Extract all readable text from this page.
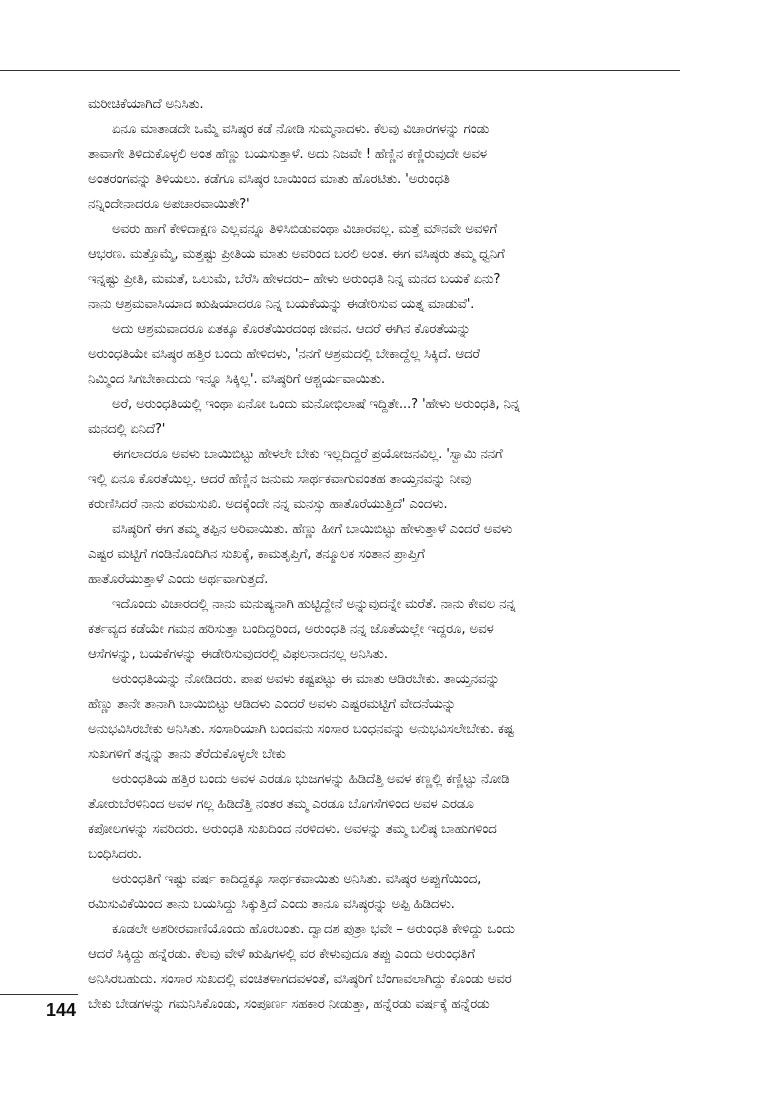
ಮರೀಚಿಕೆಯಾಗಿದೆ ಅನಿಸಿತು.
ಏನೂ ಮಾತಾಡದೇ ಒಮ್ಮೆ ವಸಿಷ್ಠರ ಕಡೆ ನೋಡಿ ಸುಮ್ಮನಾದಳು. ಕೆಲವು ವಿಚಾರಗಳನ್ನು ಗಂಡು
ತಾವಾಗೇ ತಿಳಿದುಕೊಳ್ಳಲಿ ಅಂತ ಹೆಣ್ಣು ಬಯಸುತ್ತಾಳೆ. ಅದು ನಿಜವೇ ! ಹೆಣ್ಣಿನ ಕಣ್ಣಿರುವುದೇ ಅವಳ
ಅಂತರಂಗವನ್ನು ತಿಳಿಯಲು. ಕಡೆಗೂ ವಸಿಷ್ಠರ ಬಾಯಿಂದ ಮಾತು ಹೊರಟಿತು. 'ಅರುಂಧತಿ
ನನ್ನಿಂದೇನಾದರೂ ಅಪಚಾರವಾಯಿತೇ?'
ಅವರು ಹಾಗೆ ಕೇಳಿದಾಕ್ಷಣ ಎಲ್ಲವನ್ನೂ ತಿಳಿಸಿಬಿಡುವಂಥಾ ವಿಚಾರವಲ್ಲ. ಮತ್ತೆ ಮೌನವೇ ಅವಳಿಗೆ
ಆಭರಣ. ಮತ್ತೊಮ್ಮೆ, ಮತ್ತಷ್ಟು ಪ್ರೀತಿಯ ಮಾತು ಅವರಿಂದ ಬರಲಿ ಅಂತ. ಈಗ ವಸಿಷ್ಠರು ತಮ್ಮ ಧ್ವನಿಗೆ
ಇನ್ನಷ್ಟು ಪ್ರೀತಿ, ಮಮತೆ, ಒಲುಮೆ, ಬೆರೆಸಿ ಹೇಳದರು– ಹೇಳು ಅರುಂಧತಿ ನಿನ್ನ ಮನದ ಬಯಕೆ ಏನು?
ನಾನು ಆಶ್ರಮವಾಸಿಯಾದ ಋಷಿಯಾದರೂ ನಿನ್ನ ಬಯಕೆಯನ್ನು ಈಡೇರಿಸುವ ಯತ್ನ ಮಾಡುವೆ'.
ಅದು ಆಶ್ರಮವಾದರೂ ಏತಕ್ಕೂ ಕೊರತೆಯಿರದಂಥ ಜೀವನ. ಆದರೆ ಈಗಿನ ಕೊರತೆಯನ್ನು
ಅರುಂಧತಿಯೇ ವಸಿಷ್ಠರ ಹತ್ತಿರ ಬಂದು ಹೇಳಿದಳು, 'ನನಗೆ ಆಶ್ರಮದಲ್ಲಿ ಬೇಕಾದ್ದೆಲ್ಲ ಸಿಕ್ಕಿದೆ. ಆದರೆ
ನಿಮ್ಮಿಂದ ಸಿಗಬೇಕಾದುದು ಇನ್ನೂ ಸಿಕ್ಕಿಲ್ಲ'. ವಸಿಷ್ಠರಿಗೆ ಆಶ್ಚರ್ಯವಾಯಿತು.
ಅರೆ, ಅರುಂಧತಿಯಲ್ಲಿ ಇಂಥಾ ಏನೋ ಒಂದು ಮನೋಭಿಲಾಷೆ ಇದ್ದಿತೇ...? 'ಹೇಳು ಅರುಂಧತಿ, ನಿನ್ನ
ಮನದಲ್ಲಿ ಏನಿದೆ?'
ಈಗಲಾದರೂ ಅವಳು ಬಾಯಿಬಿಟ್ಟು ಹೇಳಲೇ ಬೇಕು ಇಲ್ಲದಿದ್ದರೆ ಪ್ರಯೋಜನವಿಲ್ಲ. 'ಸ್ವಾಮಿ ನನಗೆ
ಇಲ್ಲಿ ಏನೂ ಕೊರತೆಯಿಲ್ಲ. ಆದರೆ ಹೆಣ್ಣಿನ ಜನುಮ ಸಾರ್ಥಕವಾಗುವಂತಹ ತಾಯ್ತನವನ್ನು ನೀವು
ಕರುಣಿಸಿದರೆ ನಾನು ಪರಮಸುಖಿ. ಅದಕ್ಕೆಂದೇ ನನ್ನ ಮನಸ್ಸು ಹಾತೊರೆಯುತ್ತಿದೆ' ಎಂದಳು.
ವಸಿಷ್ಠರಿಗೆ ಈಗ ತಮ್ಮ ತಪ್ಪಿನ ಅರಿವಾಯಿತು. ಹೆಣ್ಣು ಹೀಗೆ ಬಾಯಿಬಿಟ್ಟು ಹೇಳುತ್ತಾಳೆ ಎಂದರೆ ಅವಳು
ಎಷ್ಟರ ಮಟ್ಟಿಗೆ ಗಂಡಿನೊಂದಿಗಿನ ಸುಖಕ್ಕೆ, ಕಾಮತೃಪ್ತಿಗೆ, ತನ್ಮೂಲಕ ಸಂತಾನ ಪ್ರಾಪ್ತಿಗೆ
ಹಾತೊರೆಯುತ್ತಾಳೆ ಎಂದು ಅರ್ಥವಾಗುತ್ತದೆ.
ಇದೊಂದು ವಿಚಾರದಲ್ಲಿ ನಾನು ಮನುಷ್ಯನಾಗಿ ಹುಟ್ಟಿದ್ದೇನೆ ಅನ್ನುವುದನ್ನೇ ಮರೆತೆ. ನಾನು ಕೇವಲ ನನ್ನ
ಕರ್ತವ್ಯದ ಕಡೆಯೇ ಗಮನ ಹರಿಸುತ್ತಾ ಬಂದಿದ್ದರಿಂದ, ಅರುಂಧತಿ ನನ್ನ ಜೊತೆಯಲ್ಲೇ ಇದ್ದರೂ, ಅವಳ
ಆಸೆಗಳನ್ನು, ಬಯಕೆಗಳನ್ನು ಈಡೇರಿಸುವುದರಲ್ಲಿ ವಿಫಲನಾದನಲ್ಲ ಅನಿಸಿತು.
ಅರುಂಧತಿಯನ್ನು ನೋಡಿದರು. ಪಾಪ ಅವಳು ಕಷ್ಟಪಟ್ಟು ಈ ಮಾತು ಆಡಿರಬೇಕು. ತಾಯ್ತನವನ್ನು
ಹೆಣ್ಣು ತಾನೇ ತಾನಾಗಿ ಬಾಯಿಬಿಟ್ಟು ಆಡಿದಳು ಎಂದರೆ ಅವಳು ಎಷ್ಟರಮಟ್ಟಿಗೆ ವೇದನೆಯನ್ನು
ಅನುಭವಿಸಿರಬೇಕು ಅನಿಸಿತು. ಸಂಸಾರಿಯಾಗಿ ಬಂದವನು ಸಂಸಾರ ಬಂಧನವನ್ನು ಅನುಭವಿಸಲೇಬೇಕು. ಕಷ್ಟ
ಸುಖಗಳಿಗೆ ತನ್ನನ್ನು ತಾನು ತೆರೆದುಕೊಳ್ಳಲೇ ಬೇಕು
ಅರುಂಧತಿಯ ಹತ್ತಿರ ಬಂದು ಅವಳ ಎರಡೂ ಭುಜಗಳನ್ನು ಹಿಡಿದೆತ್ತಿ ಅವಳ ಕಣ್ಣಲ್ಲಿ ಕಣ್ಣಿಟ್ಟು ನೋಡಿ
ತೋರುಬೆರಳಿನಿಂದ ಅವಳ ಗಲ್ಲ ಹಿಡಿದೆತ್ತಿ ನಂತರ ತಮ್ಮ ಎರಡೂ ಬೊಗಸೆಗಳಿಂದ ಅವಳ ಎರಡೂ
ಕಪೋಲಗಳನ್ನು ಸವರಿದರು. ಅರುಂಧತಿ ಸುಖದಿಂದ ನರಳಿದಳು. ಅವಳನ್ನು ತಮ್ಮ ಬಲಿಷ್ಠ ಬಾಹುಗಳಿಂದ
ಬಂಧಿಸಿದರು.
ಅರುಂಧತಿಗೆ ಇಷ್ಟು ವರ್ಷ ಕಾದಿದ್ದಕ್ಕೂ ಸಾರ್ಥಕವಾಯಿತು ಅನಿಸಿತು. ವಸಿಷ್ಠರ ಅಪ್ಪುಗೆಯಿಂದ,
ರಮಿಸುವಿಕೆಯಿಂದ ತಾನು ಬಯಸಿದ್ದು ಸಿಕ್ಕುತ್ತಿದೆ ಎಂದು ತಾನೂ ವಸಿಷ್ಠರನ್ನು ಅಪ್ಪಿ ಹಿಡಿದಳು.
ಕೂಡಲೇ ಅಶರೀರವಾಣಿಯೊಂದು ಹೊರಬಂತು. ದ್ವಾದಶ ಪುತ್ರಾ ಭವೇ – ಅರುಂಧತಿ ಕೇಳಿದ್ದು ಒಂದು
ಆದರೆ ಸಿಕ್ಕಿದ್ದು ಹನ್ನೆರಡು. ಕೆಲವು ವೇಳೆ ಋಷಿಗಳಲ್ಲಿ ವರ ಕೇಳುವುದೂ ತಪ್ಪು ಎಂದು ಅರುಂಧತಿಗೆ
ಅನಿಸಿರಬಹುದು. ಸಂಸಾರ ಸುಖದಲ್ಲಿ ವಂಚಿತಳಾಗದವಳಂತೆ, ವಸಿಷ್ಠರಿಗೆ ಬೆಂಗಾವಲಾಗಿದ್ದು ಕೊಂಡು ಅವರ
ಬೇಕು ಬೇಡಗಳನ್ನು ಗಮನಿಸಿಕೊಂಡು, ಸಂಪೂರ್ಣ ಸಹಕಾರ ನೀಡುತ್ತಾ, ಹನ್ನೆರಡು ವರ್ಷಕ್ಕೆ ಹನ್ನೆರಡು
144
